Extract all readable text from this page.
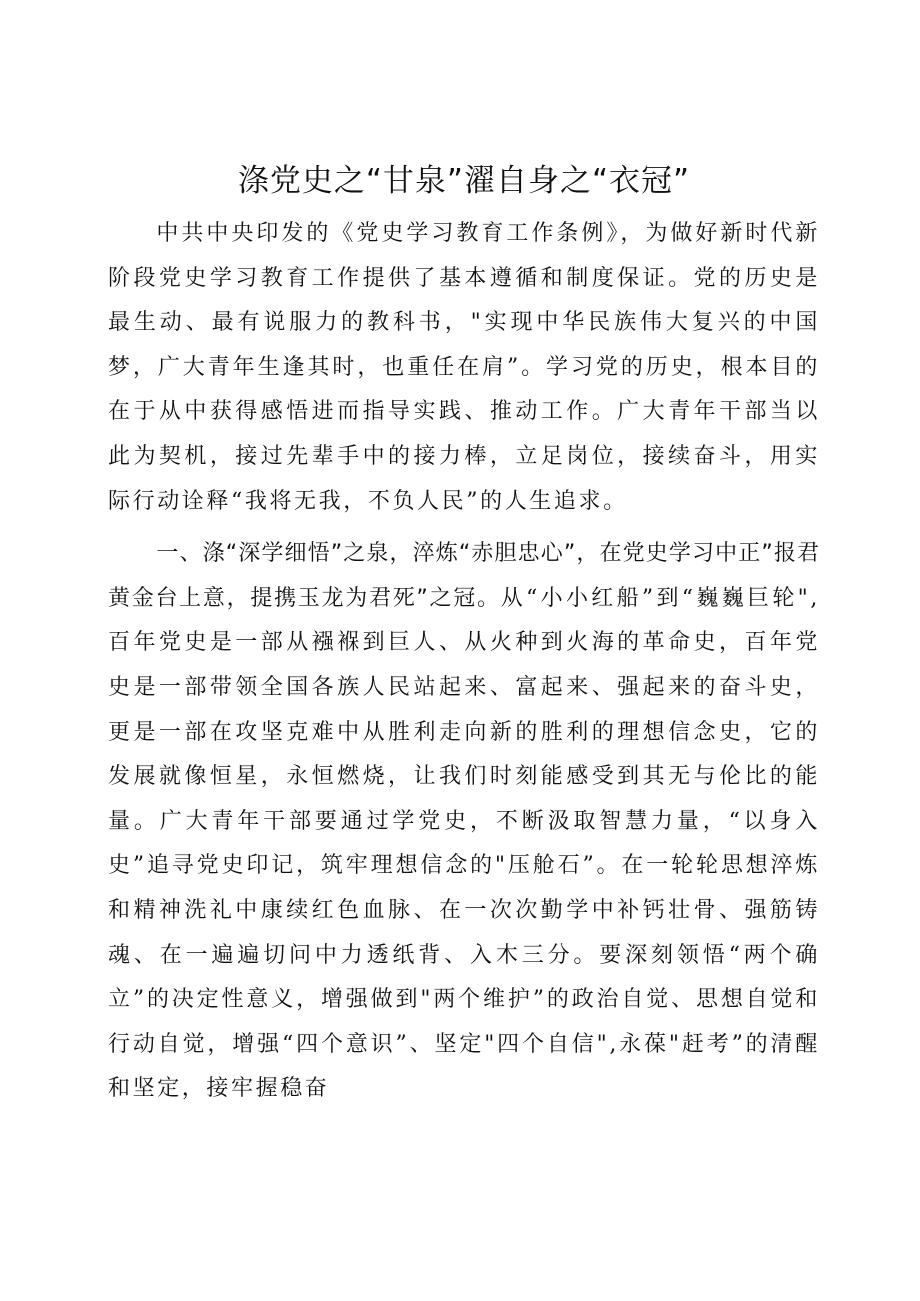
涤党史之“甘泉”濯自身之“衣冠”

中共中央印发的《党史学习教育工作条例》，为做好新时代新阶段党史学习教育工作提供了基本遵循和制度保证。党的历史是最生动、最有说服力的教科书，"实现中华民族伟大复兴的中国梦，广大青年生逢其时，也重任在肩”。学习党的历史，根本目的在于从中获得感悟进而指导实践、推动工作。广大青年干部当以此为契机，接过先辈手中的接力棒，立足岗位，接续奋斗，用实际行动诠释“我将无我，不负人民”的人生追求。

一、涤“深学细悟”之泉，淬炼“赤胆忠心”，在党史学习中正”报君黄金台上意，提携玉龙为君死”之冠。从“小小红船”到“巍巍巨轮",百年党史是一部从襁褓到巨人、从火种到火海的革命史，百年党史是一部带领全国各族人民站起来、富起来、强起来的奋斗史，更是一部在攻坚克难中从胜利走向新的胜利的理想信念史，它的发展就像恒星，永恒燃烧，让我们时刻能感受到其无与伦比的能量。广大青年干部要通过学党史，不断汲取智慧力量，“以身入史”追寻党史印记，筑牢理想信念的"压舱石”。在一轮轮思想淬炼和精神洗礼中康续红色血脉、在一次次勤学中补钙壮骨、强筋铸魂、在一遍遍切问中力透纸背、入木三分。要深刻领悟“两个确立”的决定性意义，增强做到"两个维护”的政治自觉、思想自觉和行动自觉，增强“四个意识”、坚定"四个自信",永葆"赶考”的清醒和坚定，接牢握稳奋
